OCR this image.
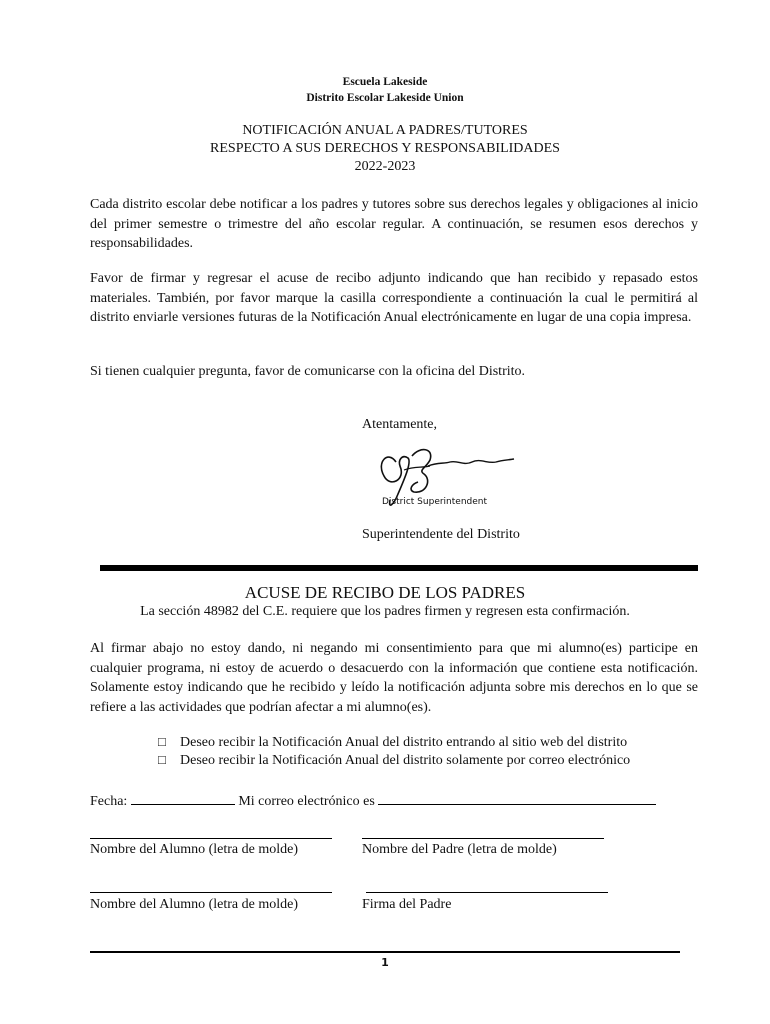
Escuela Lakeside
Distrito Escolar Lakeside Union
NOTIFICACIÓN ANUAL A PADRES/TUTORES
RESPECTO A SUS DERECHOS Y RESPONSABILIDADES
2022-2023
Cada distrito escolar debe notificar a los padres y tutores sobre sus derechos legales y obligaciones al inicio del primer semestre o trimestre del año escolar regular. A continuación, se resumen esos derechos y responsabilidades.
Favor de firmar y regresar el acuse de recibo adjunto indicando que han recibido y repasado estos materiales. También, por favor marque la casilla correspondiente a continuación la cual le permitirá al distrito enviarle versiones futuras de la Notificación Anual electrónicamente en lugar de una copia impresa.
Si tienen cualquier pregunta, favor de comunicarse con la oficina del Distrito.
Atentamente,
District Superintendent
Superintendente del Distrito
ACUSE DE RECIBO DE LOS PADRES
La sección 48982 del C.E. requiere que los padres firmen y regresen esta confirmación.
Al firmar abajo no estoy dando, ni negando mi consentimiento para que mi alumno(es) participe en cualquier programa, ni estoy de acuerdo o desacuerdo con la información que contiene esta notificación. Solamente estoy indicando que he recibido y leído la notificación adjunta sobre mis derechos en lo que se refiere a las actividades que podrían afectar a mi alumno(es).
□ Deseo recibir la Notificación Anual del distrito entrando al sitio web del distrito
□ Deseo recibir la Notificación Anual del distrito solamente por correo electrónico
Fecha:	Mi correo electrónico es
Nombre del Alumno (letra de molde)	Nombre del Padre (letra de molde)
Nombre del Alumno (letra de molde)	Firma del Padre
1
